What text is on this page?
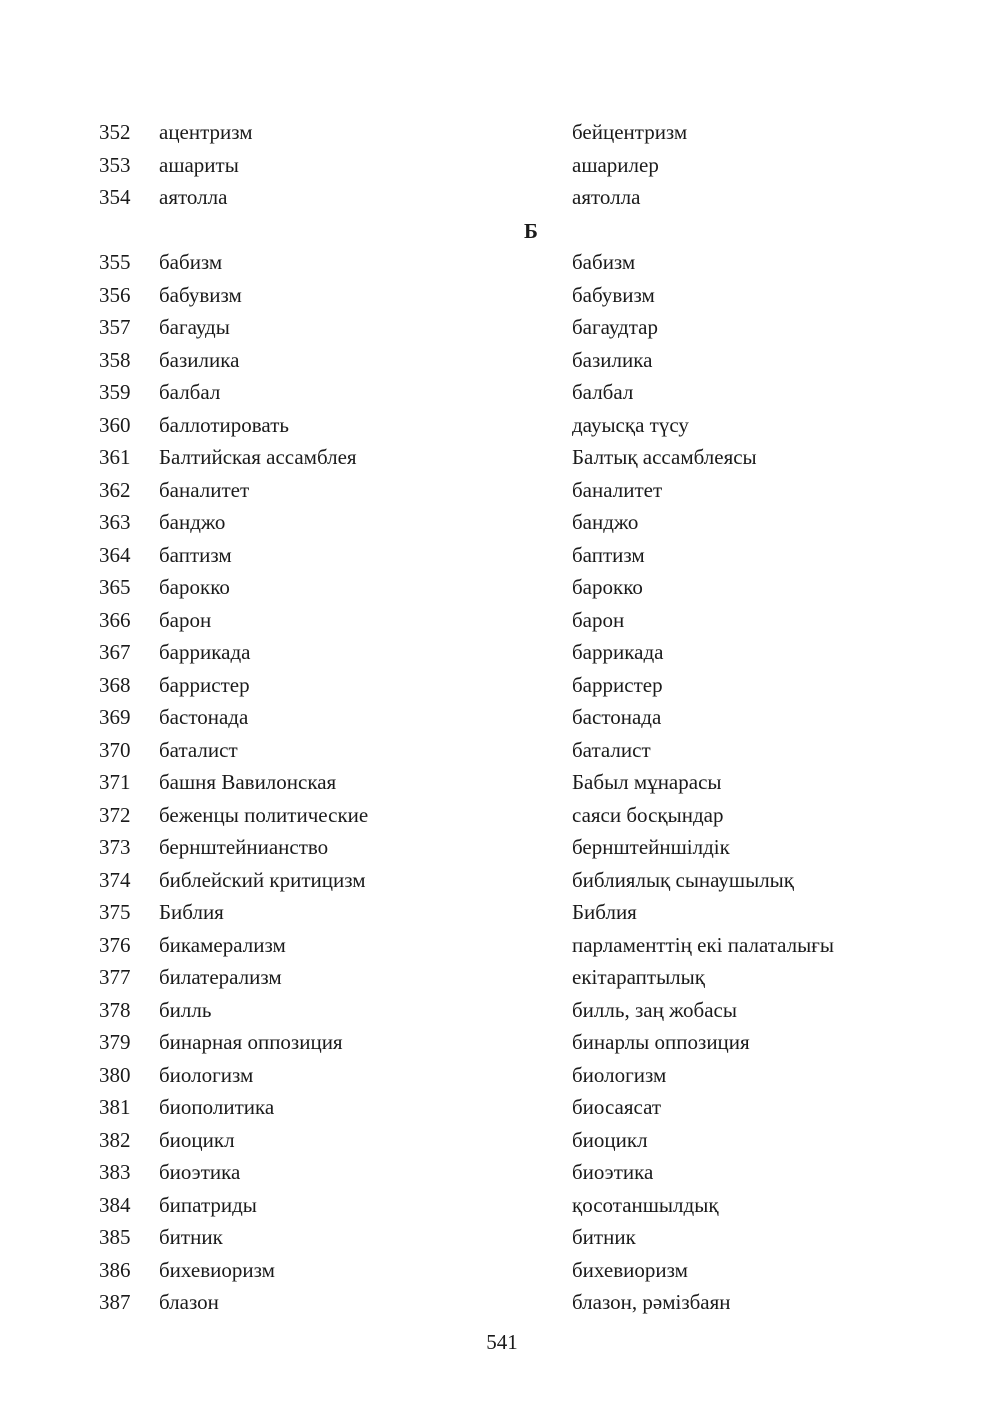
352 ацентризм	бейцентризм
353 ашариты	ашарилер
354 аятолла	аятолла
Б
355 бабизм	бабизм
356 бабувизм	бабувизм
357 багауды	багаудтар
358 базилика	базилика
359 балбал	балбал
360 баллотировать	дауысқа түсу
361 Балтийская ассамблея	Балтық ассамблеясы
362 баналитет	баналитет
363 банджо	банджо
364 баптизм	баптизм
365 барокко	барокко
366 барон	барон
367 баррикада	баррикада
368 барристер	барристер
369 бастонада	бастонада
370 баталист	баталист
371 башня Вавилонская	Бабыл мұнарасы
372 беженцы политические	саяси босқындар
373 бернштейнианство	бернштейншілдік
374 библейский критицизм	библиялық сынаушылық
375 Библия	Библия
376 бикамерализм	парламенттің екі палаталығы
377 билатерализм	екітараптылық
378 билль	билль, заң жобасы
379 бинарная оппозиция	бинарлы оппозиция
380 биологизм	биологизм
381 биополитика	биосаясат
382 биоцикл	биоцикл
383 биоэтика	биоэтика
384 бипатриды	қосотаншылдық
385 битник	битник
386 бихевиоризм	бихевиоризм
387 блазон	блазон, рәмізбаян
541
